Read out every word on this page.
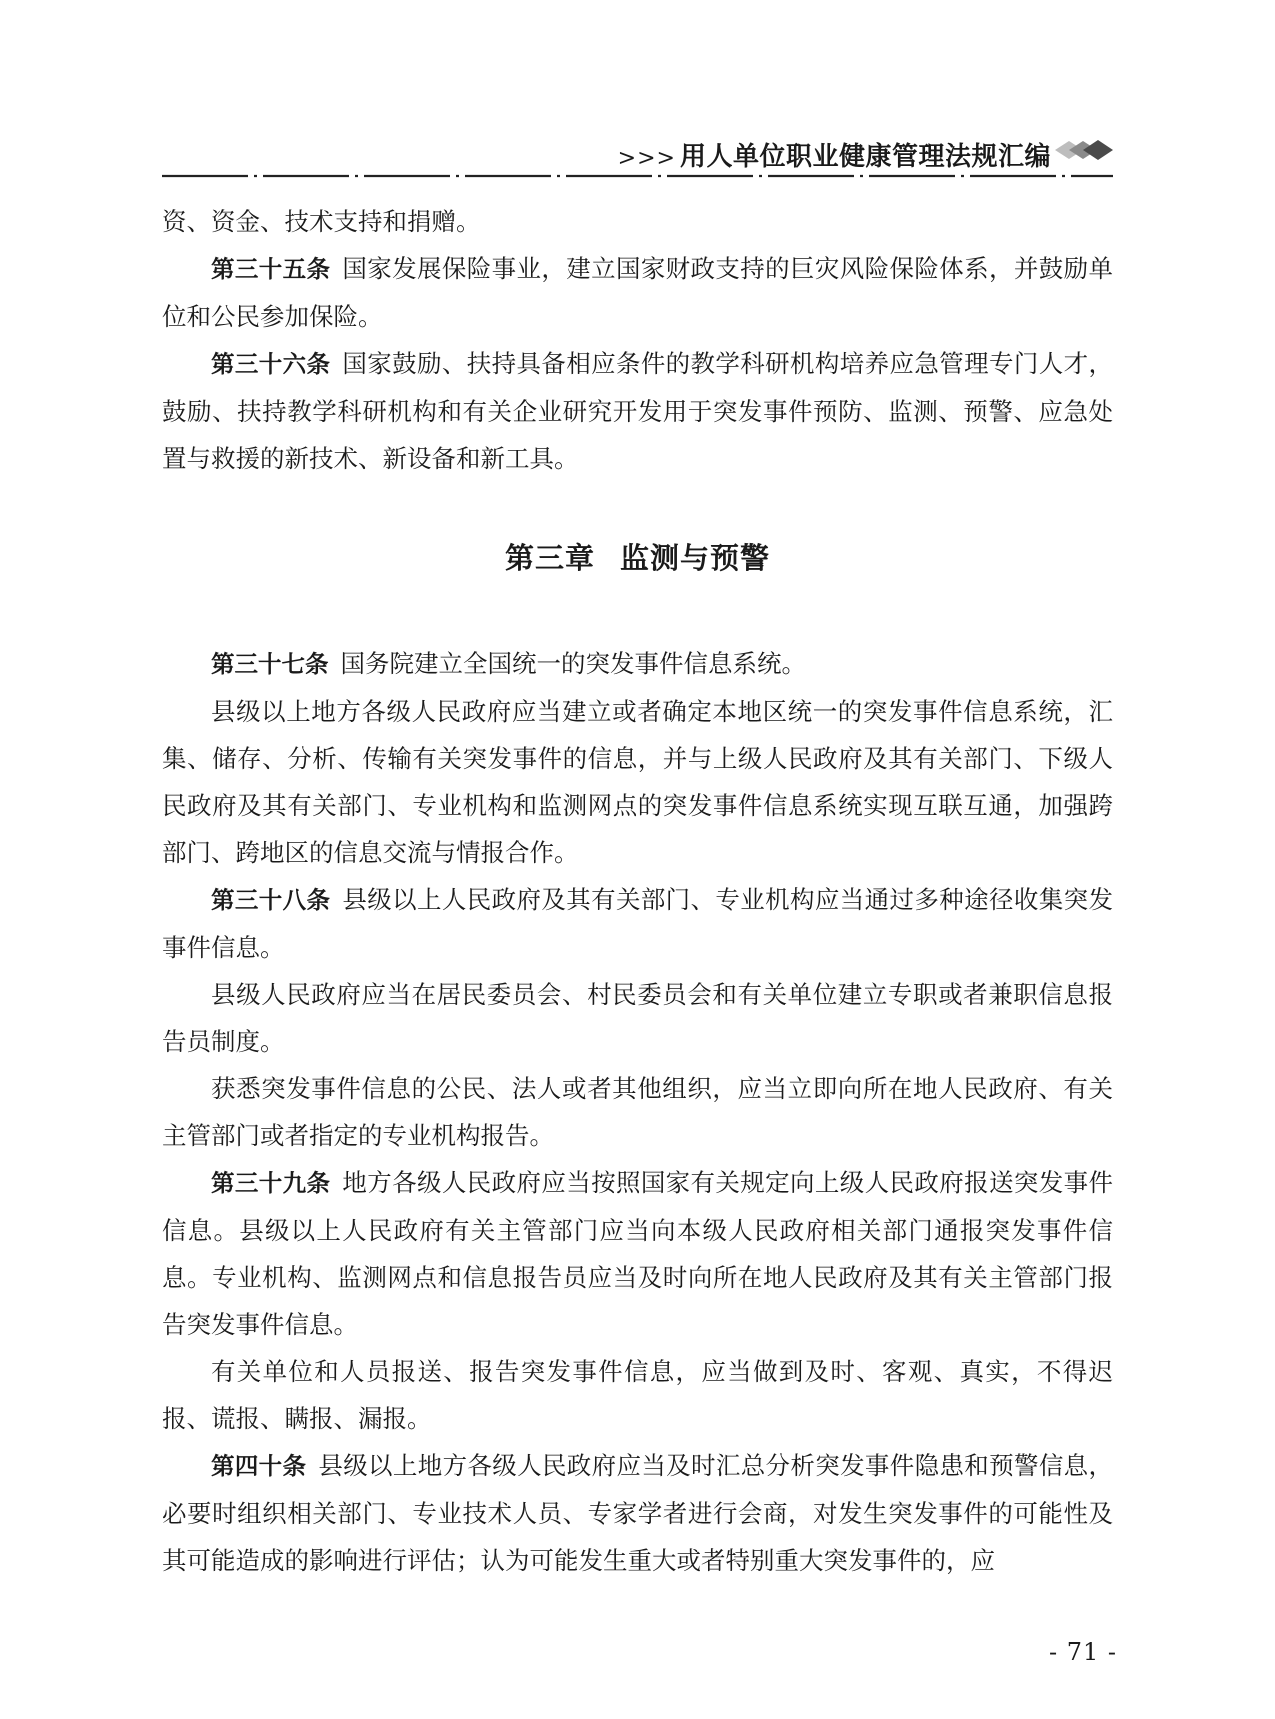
>>> 用人单位职业健康管理法规汇编

资、资金、技术支持和捐赠。

第三十五条 国家发展保险事业，建立国家财政支持的巨灾风险保险体系，并鼓励单位和公民参加保险。

第三十六条 国家鼓励、扶持具备相应条件的教学科研机构培养应急管理专门人才，鼓励、扶持教学科研机构和有关企业研究开发用于突发事件预防、监测、预警、应急处置与救援的新技术、新设备和新工具。

第三章 监测与预警

第三十七条 国务院建立全国统一的突发事件信息系统。

县级以上地方各级人民政府应当建立或者确定本地区统一的突发事件信息系统，汇集、储存、分析、传输有关突发事件的信息，并与上级人民政府及其有关部门、下级人民政府及其有关部门、专业机构和监测网点的突发事件信息系统实现互联互通，加强跨部门、跨地区的信息交流与情报合作。

第三十八条 县级以上人民政府及其有关部门、专业机构应当通过多种途径收集突发事件信息。

县级人民政府应当在居民委员会、村民委员会和有关单位建立专职或者兼职信息报告员制度。

获悉突发事件信息的公民、法人或者其他组织，应当立即向所在地人民政府、有关主管部门或者指定的专业机构报告。

第三十九条 地方各级人民政府应当按照国家有关规定向上级人民政府报送突发事件信息。县级以上人民政府有关主管部门应当向本级人民政府相关部门通报突发事件信息。专业机构、监测网点和信息报告员应当及时向所在地人民政府及其有关主管部门报告突发事件信息。

有关单位和人员报送、报告突发事件信息，应当做到及时、客观、真实，不得迟报、谎报、瞒报、漏报。

第四十条 县级以上地方各级人民政府应当及时汇总分析突发事件隐患和预警信息，必要时组织相关部门、专业技术人员、专家学者进行会商，对发生突发事件的可能性及其可能造成的影响进行评估；认为可能发生重大或者特别重大突发事件的，应

- 71 -
